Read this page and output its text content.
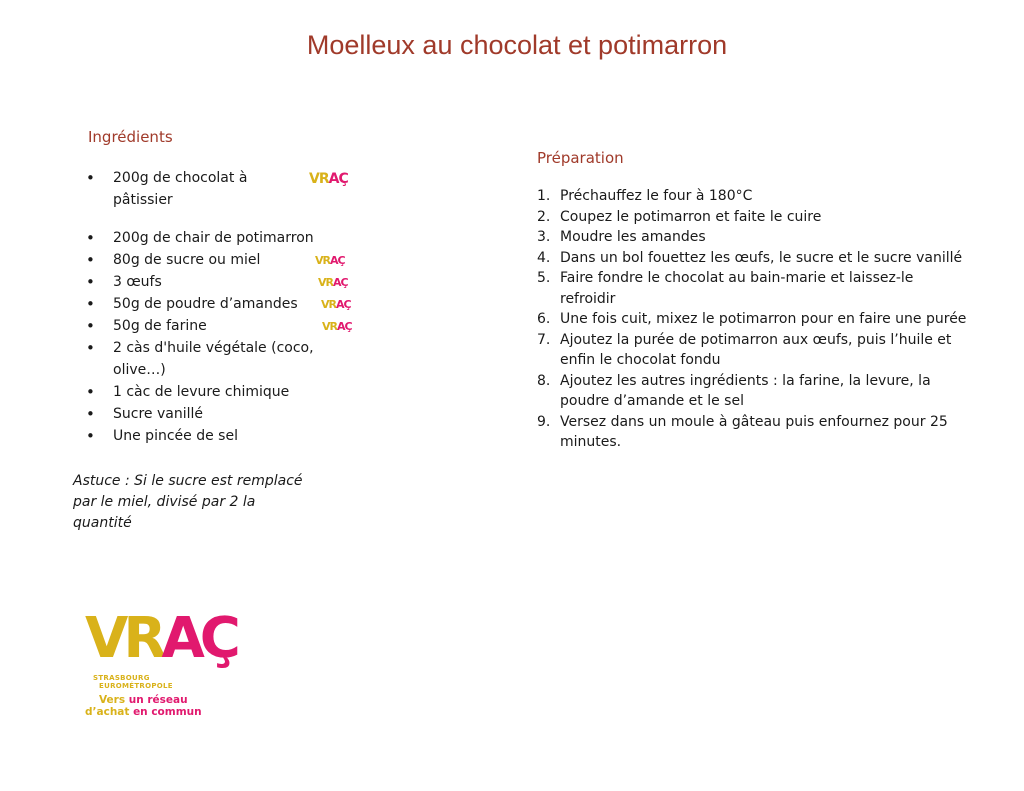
Moelleux au chocolat et potimarron
Ingrédients
• 200g de chocolat à pâtissier
• 200g de chair de potimarron
• 80g de sucre ou miel
• 3 œufs
• 50g de poudre d’amandes
• 50g de farine
• 2 càs d'huile végétale (coco, olive…)
• 1 càc de levure chimique
• Sucre vanillé
• Une pincée de sel
VRAÇ

VRAÇ
VRAÇ
VRAÇ
VRAÇ

Astuce : Si le sucre est remplacé par le miel, divisé par 2 la quantité

Préparation
1. Préchauffez le four à 180°C
2. Coupez le potimarron et faite le cuire
3. Moudre les amandes
4. Dans un bol fouettez les œufs, le sucre et le sucre vanillé
5. Faire fondre le chocolat au bain-marie et laissez-le refroidir
6. Une fois cuit, mixez le potimarron pour en faire une purée
7. Ajoutez la purée de potimarron aux œufs, puis l’huile et enfin le chocolat fondu
8. Ajoutez les autres ingrédients : la farine, la levure, la poudre d’amande et le sel
9. Versez dans un moule à gâteau puis enfournez pour 25 minutes.
VRAÇ
STRASBOURG
EUROMÉTROPOLE
Vers un réseau
d’achat en commun
